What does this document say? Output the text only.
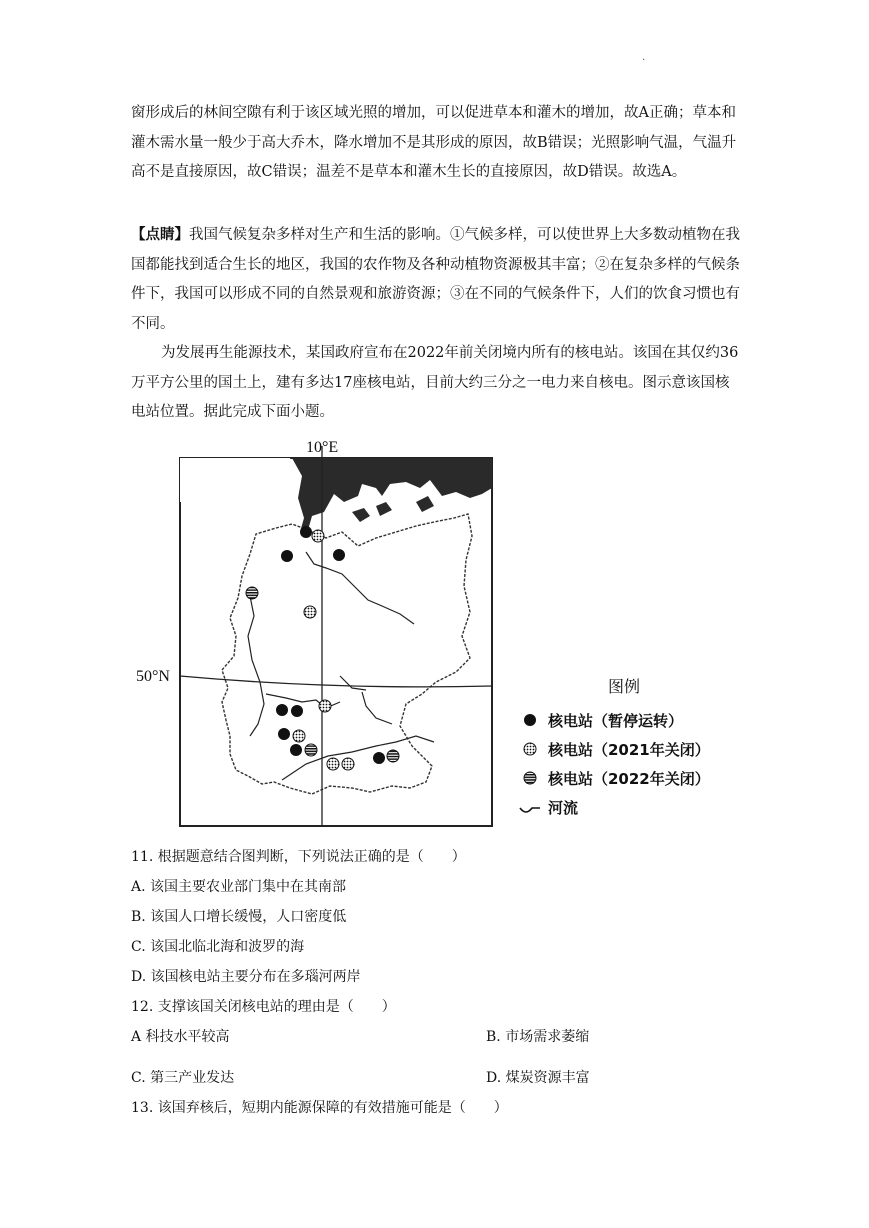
.
窗形成后的林间空隙有利于该区域光照的增加，可以促进草本和灌木的增加，故A正确；草本和灌木需水量一般少于高大乔木，降水增加不是其形成的原因，故B错误；光照影响气温，气温升高不是直接原因，故C错误；温差不是草本和灌木生长的直接原因，故D错误。故选A。
【点睛】我国气候复杂多样对生产和生活的影响。①气候多样，可以使世界上大多数动植物在我国都能找到适合生长的地区，我国的农作物及各种动植物资源极其丰富；②在复杂多样的气候条件下，我国可以形成不同的自然景观和旅游资源；③在不同的气候条件下，人们的饮食习惯也有不同。
为发展再生能源技术，某国政府宣布在2022年前关闭境内所有的核电站。该国在其仅约36万平方公里的国土上，建有多达17座核电站，目前大约三分之一电力来自核电。图示意该国核电站位置。据此完成下面小题。
10°E
50°N
图例
核电站（暂停运转）
核电站（2021年关闭）
核电站（2022年关闭）
河流
11. 根据题意结合图判断，下列说法正确的是（　　）
A. 该国主要农业部门集中在其南部
B. 该国人口增长缓慢，人口密度低
C. 该国北临北海和波罗的海
D. 该国核电站主要分布在多瑙河两岸
12. 支撑该国关闭核电站的理由是（　　）
A 科技水平较高	B. 市场需求萎缩
C. 第三产业发达	D. 煤炭资源丰富
13. 该国弃核后，短期内能源保障的有效措施可能是（　　）
